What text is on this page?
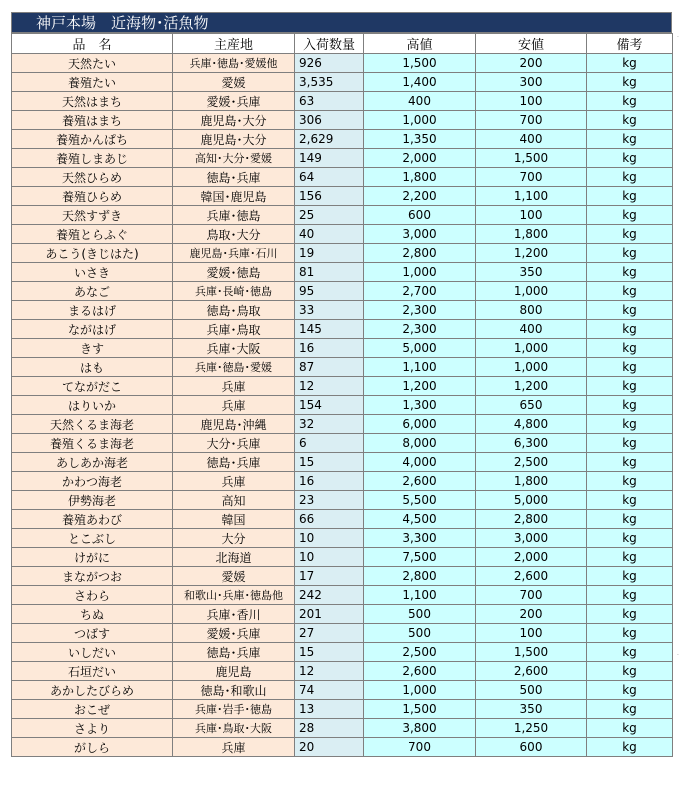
神戸本場　近海物･活魚物
品　名	主産地	入荷数量	高値	安値	備考
天然たい	兵庫･徳島･愛媛他	926	1,500	200	kg
養殖たい	愛媛	3,535	1,400	300	kg
天然はまち	愛媛･兵庫	63	400	100	kg
養殖はまち	鹿児島･大分	306	1,000	700	kg
養殖かんぱち	鹿児島･大分	2,629	1,350	400	kg
養殖しまあじ	高知･大分･愛媛	149	2,000	1,500	kg
天然ひらめ	徳島･兵庫	64	1,800	700	kg
養殖ひらめ	韓国･鹿児島	156	2,200	1,100	kg
天然すずき	兵庫･徳島	25	600	100	kg
養殖とらふぐ	鳥取･大分	40	3,000	1,800	kg
あこう(きじはた)	鹿児島･兵庫･石川	19	2,800	1,200	kg
いさき	愛媛･徳島	81	1,000	350	kg
あなご	兵庫･長崎･徳島	95	2,700	1,000	kg
まるはげ	徳島･鳥取	33	2,300	800	kg
ながはげ	兵庫･鳥取	145	2,300	400	kg
きす	兵庫･大阪	16	5,000	1,000	kg
はも	兵庫･徳島･愛媛	87	1,100	1,000	kg
てながだこ	兵庫	12	1,200	1,200	kg
はりいか	兵庫	154	1,300	650	kg
天然くるま海老	鹿児島･沖縄	32	6,000	4,800	kg
養殖くるま海老	大分･兵庫	6	8,000	6,300	kg
あしあか海老	徳島･兵庫	15	4,000	2,500	kg
かわつ海老	兵庫	16	2,600	1,800	kg
伊勢海老	高知	23	5,500	5,000	kg
養殖あわび	韓国	66	4,500	2,800	kg
とこぶし	大分	10	3,300	3,000	kg
けがに	北海道	10	7,500	2,000	kg
まながつお	愛媛	17	2,800	2,600	kg
さわら	和歌山･兵庫･徳島他	242	1,100	700	kg
ちぬ	兵庫･香川	201	500	200	kg
つばす	愛媛･兵庫	27	500	100	kg
いしだい	徳島･兵庫	15	2,500	1,500	kg
石垣だい	鹿児島	12	2,600	2,600	kg
あかしたびらめ	徳島･和歌山	74	1,000	500	kg
おこぜ	兵庫･岩手･徳島	13	1,500	350	kg
さより	兵庫･鳥取･大阪	28	3,800	1,250	kg
がしら	兵庫	20	700	600	kg
·
·
